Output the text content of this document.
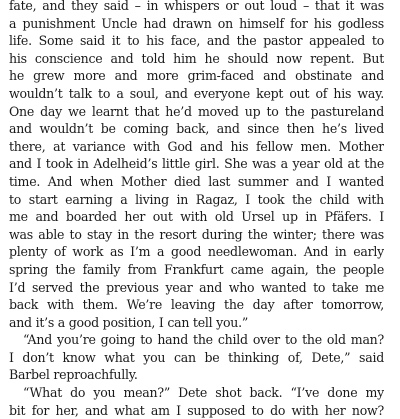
fate, and they said – in whispers or out loud – that it was
a punishment Uncle had drawn on himself for his godless
life. Some said it to his face, and the pastor appealed to
his conscience and told him he should now repent. But
he grew more and more grim-faced and obstinate and
wouldn’t talk to a soul, and everyone kept out of his way.
One day we learnt that he’d moved up to the pastureland
and wouldn’t be coming back, and since then he’s lived
there, at variance with God and his fellow men. Mother
and I took in Adelheid’s little girl. She was a year old at the
time. And when Mother died last summer and I wanted
to start earning a living in Ragaz, I took the child with
me and boarded her out with old Ursel up in Pfäfers. I
was able to stay in the resort during the winter; there was
plenty of work as I’m a good needlewoman. And in early
spring the family from Frankfurt came again, the people
I’d served the previous year and who wanted to take me
back with them. We’re leaving the day after tomorrow,
and it’s a good position, I can tell you.”
“And you’re going to hand the child over to the old man?
I don’t know what you can be thinking of, Dete,” said
Barbel reproachfully.
“What do you mean?” Dete shot back. “I’ve done my
bit for her, and what am I supposed to do with her now?
